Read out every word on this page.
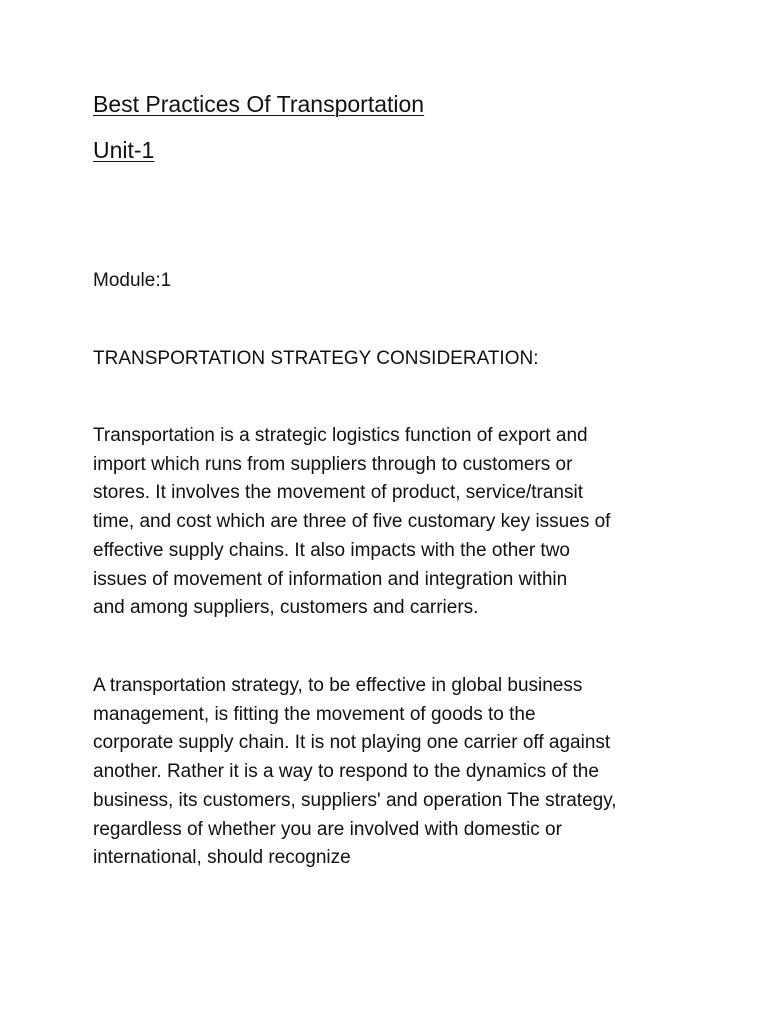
Best Practices Of Transportation
Unit-1

Module:1

TRANSPORTATION STRATEGY CONSIDERATION:

Transportation is a strategic logistics function of export and
import which runs from suppliers through to customers or
stores. It involves the movement of product, service/transit
time, and cost which are three of five customary key issues of
effective supply chains. It also impacts with the other two
issues of movement of information and integration within
and among suppliers, customers and carriers.

A transportation strategy, to be effective in global business
management, is fitting the movement of goods to the
corporate supply chain. It is not playing one carrier off against
another. Rather it is a way to respond to the dynamics of the
business, its customers, suppliers' and operation The strategy,
regardless of whether you are involved with domestic or
international, should recognize
